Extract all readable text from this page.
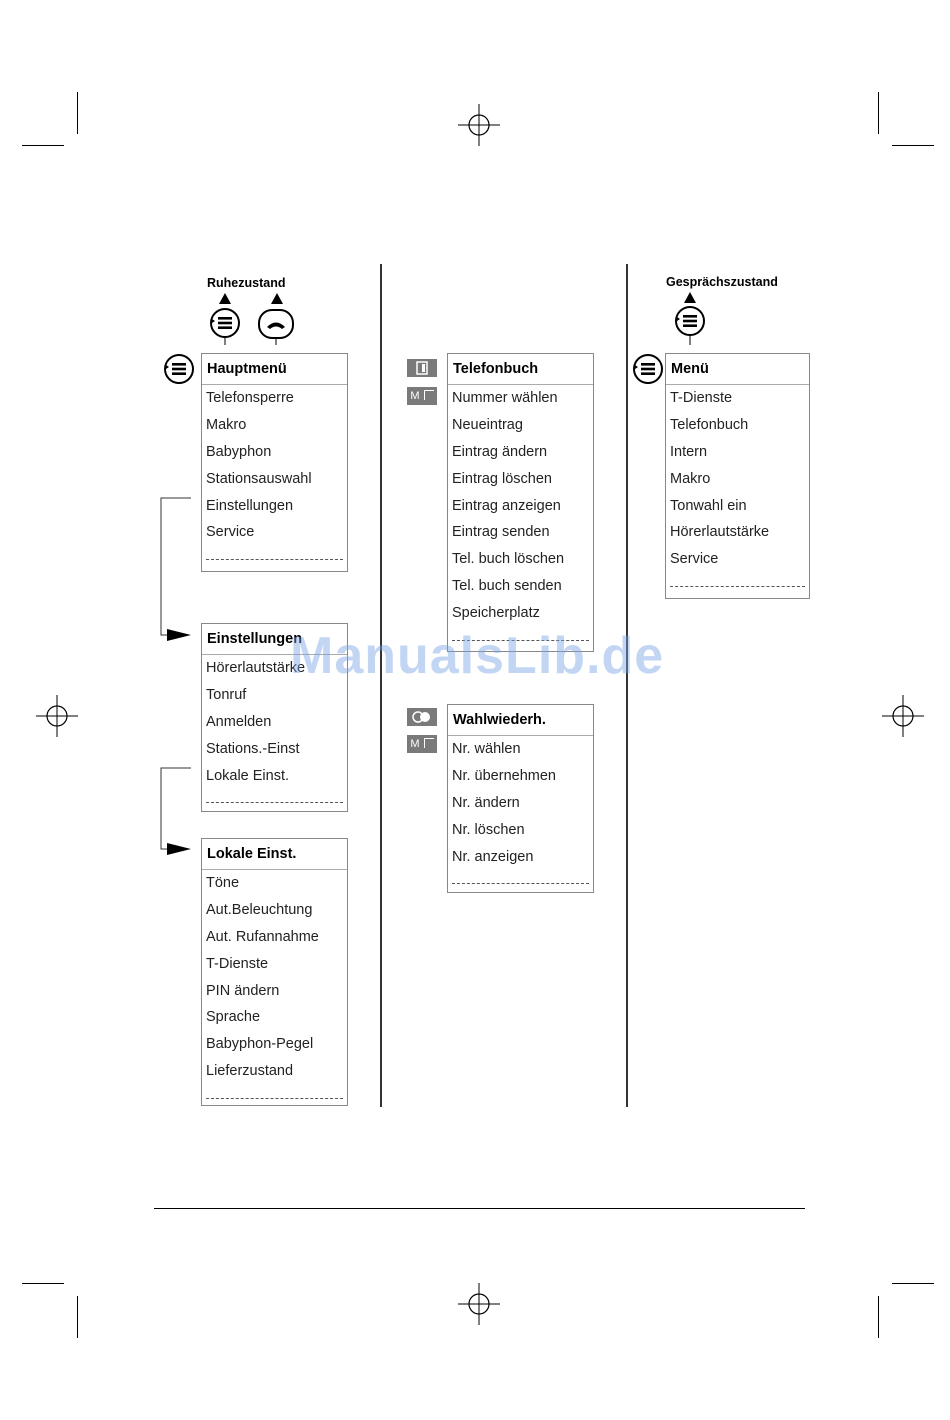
Ruhezustand	Gesprächszustand
M
M
Hauptmenü
Telefonsperre
Makro
Babyphon
Stationsauswahl
Einstellungen
Service
Einstellungen
Hörerlautstärke
Tonruf
Anmelden
Stations.-Einst
Lokale Einst.
Lokale Einst.
Töne
Aut.Beleuchtung
Aut. Rufannahme
T-Dienste
PIN ändern
Sprache
Babyphon-Pegel
Lieferzustand
Telefonbuch
Nummer wählen
Neueintrag
Eintrag ändern
Eintrag löschen
Eintrag anzeigen
Eintrag senden
Tel. buch löschen
Tel. buch senden
Speicherplatz
Wahlwiederh.
Nr. wählen
Nr. übernehmen
Nr. ändern
Nr. löschen
Nr. anzeigen
Menü
T-Dienste
Telefonbuch
Intern
Makro
Tonwahl ein
Hörerlautstärke
Service
ManualsLib.de
